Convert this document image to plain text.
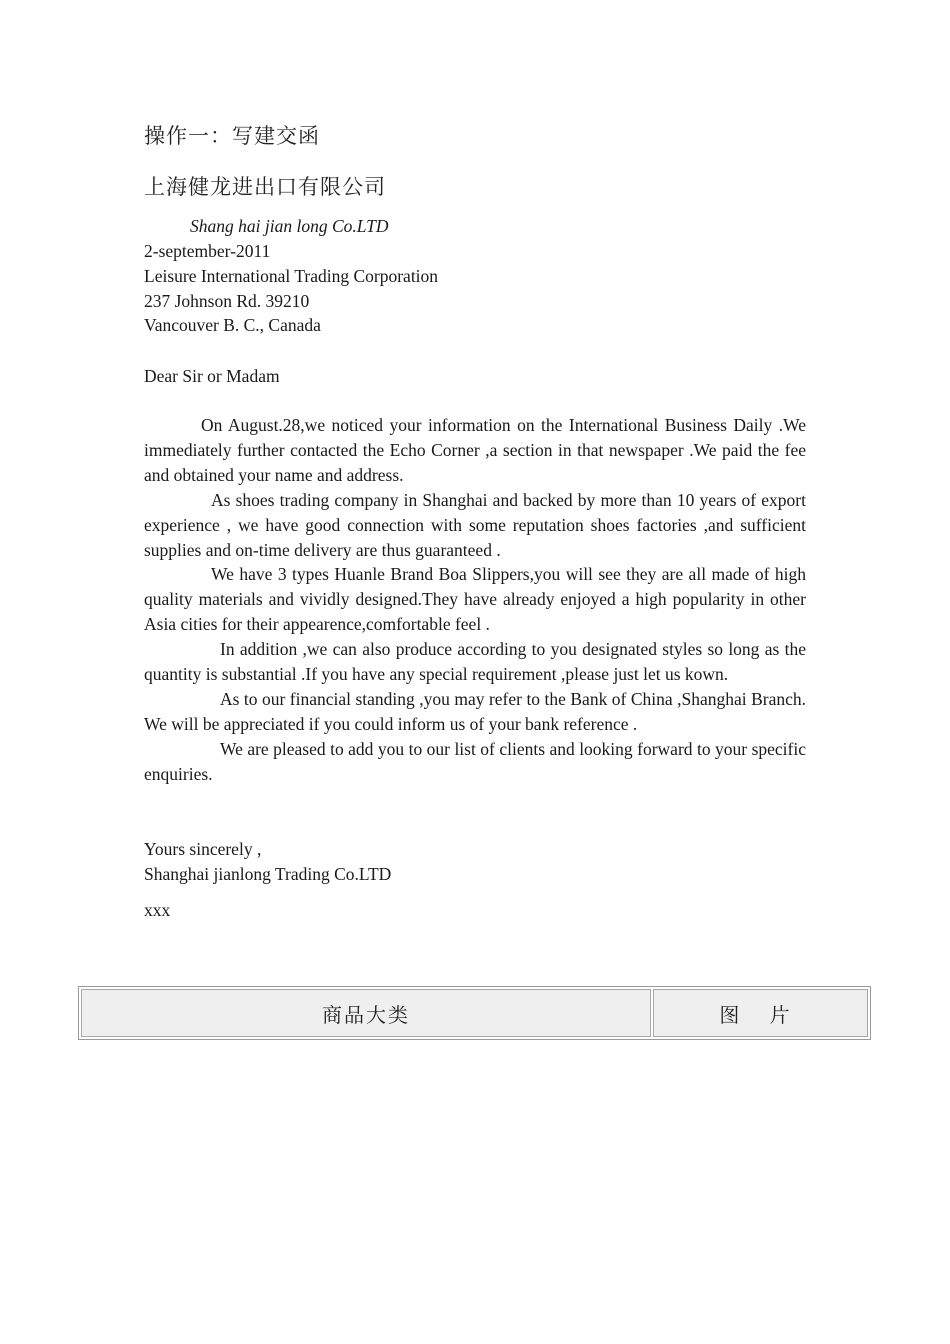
操作一：写建交函
上海健龙进出口有限公司
Shang hai jian long Co.LTD
2-september-2011
Leisure International Trading Corporation
237 Johnson Rd. 39210
Vancouver B. C., Canada
Dear Sir or Madam

On August.28,we noticed your information on the International Business Daily .We immediately further contacted the Echo Corner ,a section in that newspaper .We paid the fee and obtained your name and address.

As shoes trading company in Shanghai and backed by more than 10 years of export experience , we have good connection with some reputation shoes factories ,and sufficient supplies and on-time delivery are thus guaranteed .

We have 3 types Huanle Brand Boa Slippers,you will see they are all made of high quality materials and vividly designed.They have already enjoyed a high popularity in other Asia cities for their appearence,comfortable feel .

In addition ,we can also produce according to you designated styles so long as the quantity is substantial .If you have any special requirement ,please just let us kown.

As to our financial standing ,you may refer to the Bank of China ,Shanghai Branch. We will be appreciated if you could inform us of your bank reference .

We are pleased to add you to our list of clients and looking forward to your specific enquiries.

Yours sincerely ,
Shanghai jianlong Trading Co.LTD
xxx
商品大类	图 片
